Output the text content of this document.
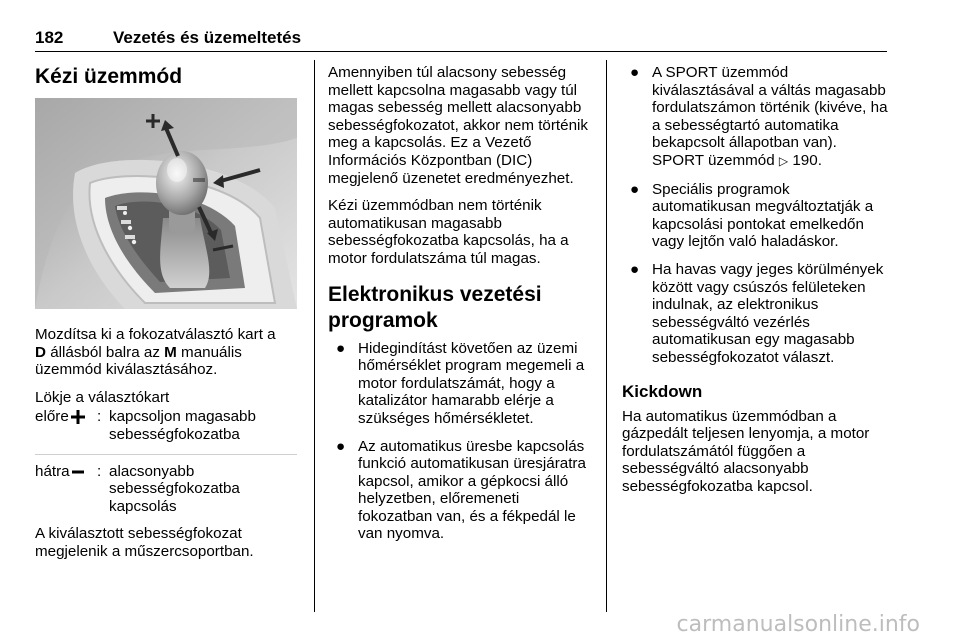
182	Vezetés és üzemeltetés
Kézi üzemmód

Mozdítsa ki a fokozatválasztó kart a
D állásból balra az M manuális üzemmód kiválasztásához.

Lökje a választókart

előre	: kapcsoljon magasabb sebességfokozatba
hátra	: alacsonyabb sebességfokozatba kapcsolás

A kiválasztott sebességfokozat megjelenik a műszercsoportban.

Amennyiben túl alacsony sebesség mellett kapcsolna magasabb vagy túl magas sebesség mellett alacsonyabb sebességfokozatot, akkor nem történik meg a kapcsolás. Ez a Vezető Információs Központban (DIC) megjelenő üzenetet eredményezhet.

Kézi üzemmódban nem történik automatikusan magasabb sebességfokozatba kapcsolás, ha a motor fordulatszáma túl magas.

Elektronikus vezetési programok
● Hidegindítást követően az üzemi hőmérséklet program megemeli a motor fordulatszámát, hogy a katalizátor hamarabb elérje a szükséges hőmérsékletet.
● Az automatikus üresbe kapcsolás funkció automatikusan üresjáratra kapcsol, amikor a gépkocsi álló helyzetben, előremeneti fokozatban van, és a fékpedál le van nyomva.
● A SPORT üzemmód kiválasztásával a váltás magasabb fordulatszámon történik (kivéve, ha a sebességtartó automatika bekapcsolt állapotban van). SPORT üzemmód ▷ 190.
● Speciális programok automatikusan megváltoztatják a kapcsolási pontokat emelkedőn vagy lejtőn való haladáskor.
● Ha havas vagy jeges körülmények között vagy csúszós felületeken indulnak, az elektronikus sebességváltó vezérlés automatikusan egy magasabb sebességfokozatot választ.
Kickdown

Ha automatikus üzemmódban a gázpedált teljesen lenyomja, a motor fordulatszámától függően a sebességváltó alacsonyabb sebességfokozatba kapcsol.

carmanualsonline.info
